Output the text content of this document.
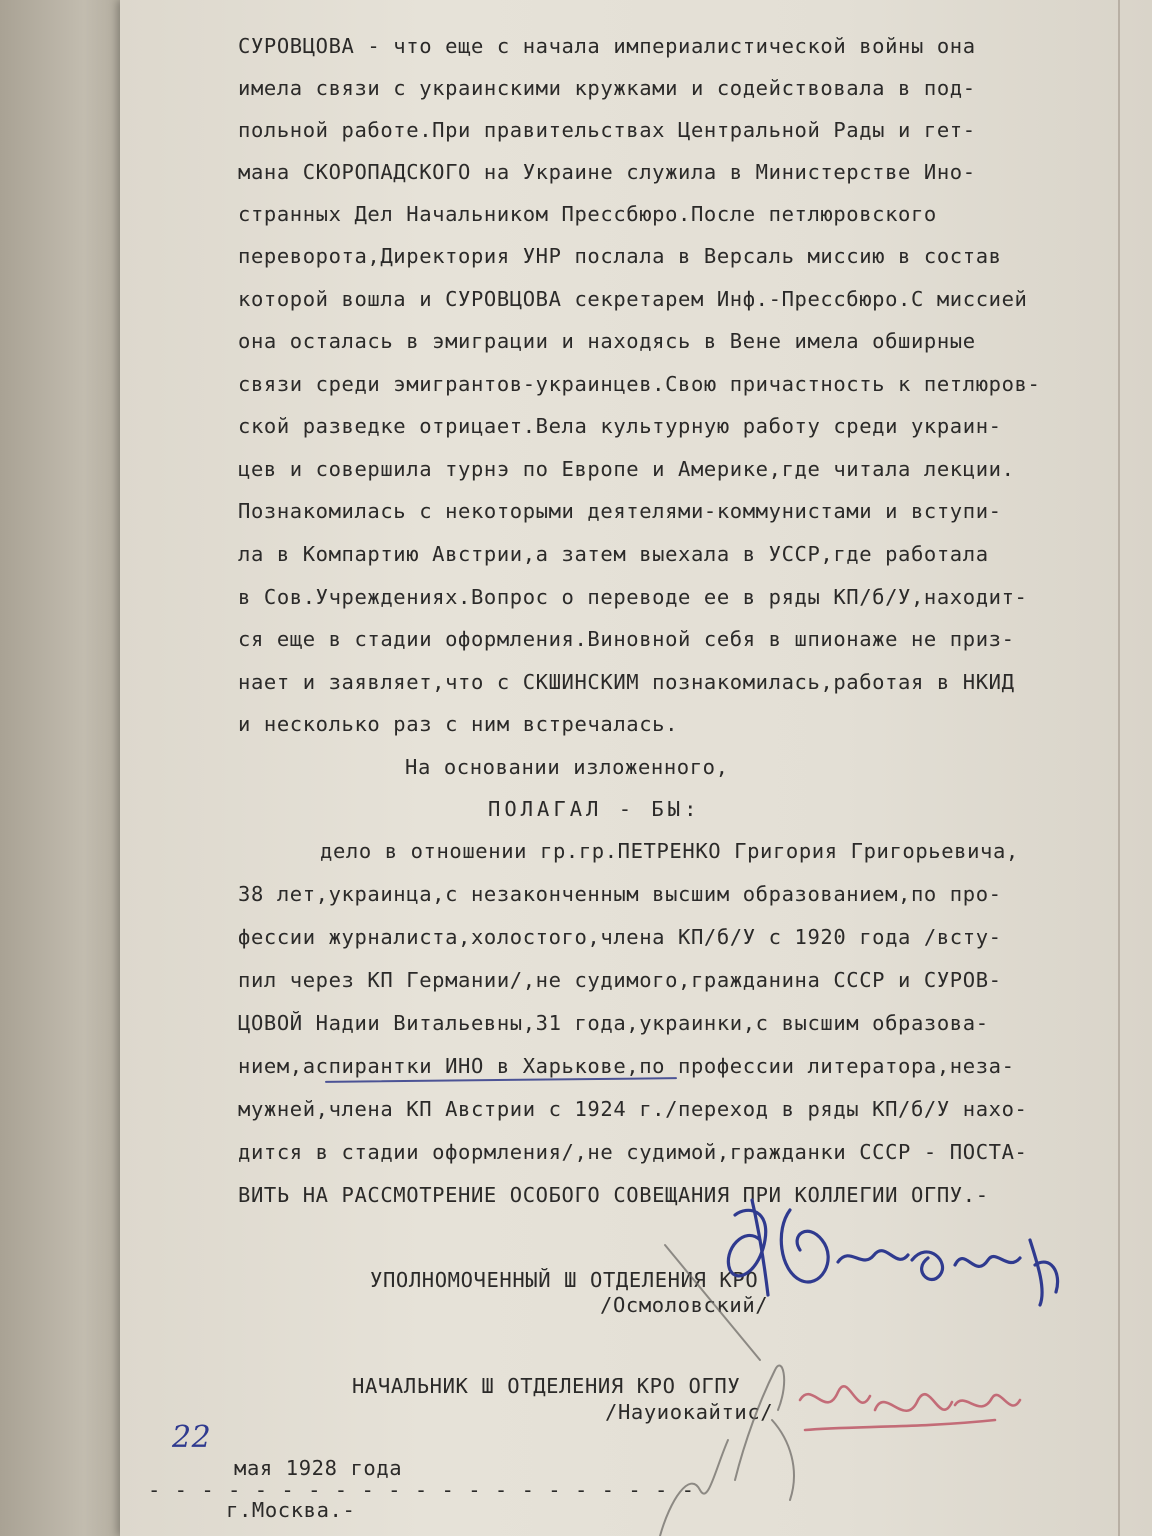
СУРОВЦОВА - что еще с начала империалистической войны она
имела связи с украинскими кружками и содействовала в под-
польной работе.При правительствах Центральной Рады и гет-
мана СКОРОПАДСКОГО на Украине служила в Министерстве Ино-
странных Дел Начальником Прессбюро.После петлюровского
переворота,Директория УНР послала в Версаль миссию в состав
которой вошла и СУРОВЦОВА секретарем Инф.-Прессбюро.С миссией
она осталась в эмиграции и находясь в Вене имела обширные
связи среди эмигрантов-украинцев.Свою причастность к петлюров-
ской разведке отрицает.Вела культурную работу среди украин-
цев и совершила турнэ по Европе и Америке,где читала лекции.
Познакомилась с некоторыми деятелями-коммунистами и вступи-
ла в Компартию Австрии,а затем выехала в УССР,где работала
в Сов.Учреждениях.Вопрос о переводе ее в ряды КП/б/У,находит-
ся еще в стадии оформления.Виновной себя в шпионаже не приз-
нает и заявляет,что с СКШИНСКИМ познакомилась,работая в НКИД
и несколько раз с ним встречалась.
На основании изложенного,
ПОЛАГАЛ - БЫ:
дело в отношении гр.гр.ПЕТРЕНКО Григория Григорьевича,
38 лет,украинца,с незаконченным высшим образованием,по про-
фессии журналиста,холостого,члена КП/б/У с 1920 года /всту-
пил через КП Германии/,не судимого,гражданина СССР и СУРОВ-
ЦОВОЙ Надии Витальевны,31 года,украинки,с высшим образова-
нием,аспирантки ИНО в Харькове,по профессии литератора,неза-
мужней,члена КП Австрии с 1924 г./переход в ряды КП/б/У нахо-
дится в стадии оформления/,не судимой,гражданки СССР - ПОСТА-
ВИТЬ НА РАССМОТРЕНИЕ ОСОБОГО СОВЕЩАНИЯ ПРИ КОЛЛЕГИИ ОГПУ.-
УПОЛНОМОЧЕННЫЙ Ш ОТДЕЛЕНИЯ КРО
/Осмоловский/
НАЧАЛЬНИК Ш ОТДЕЛЕНИЯ КРО ОГПУ
/Науиокайтис/
22
мая 1928 года
- - - - - - - - - - - - - - - - - - - - -
г.Москва.-
